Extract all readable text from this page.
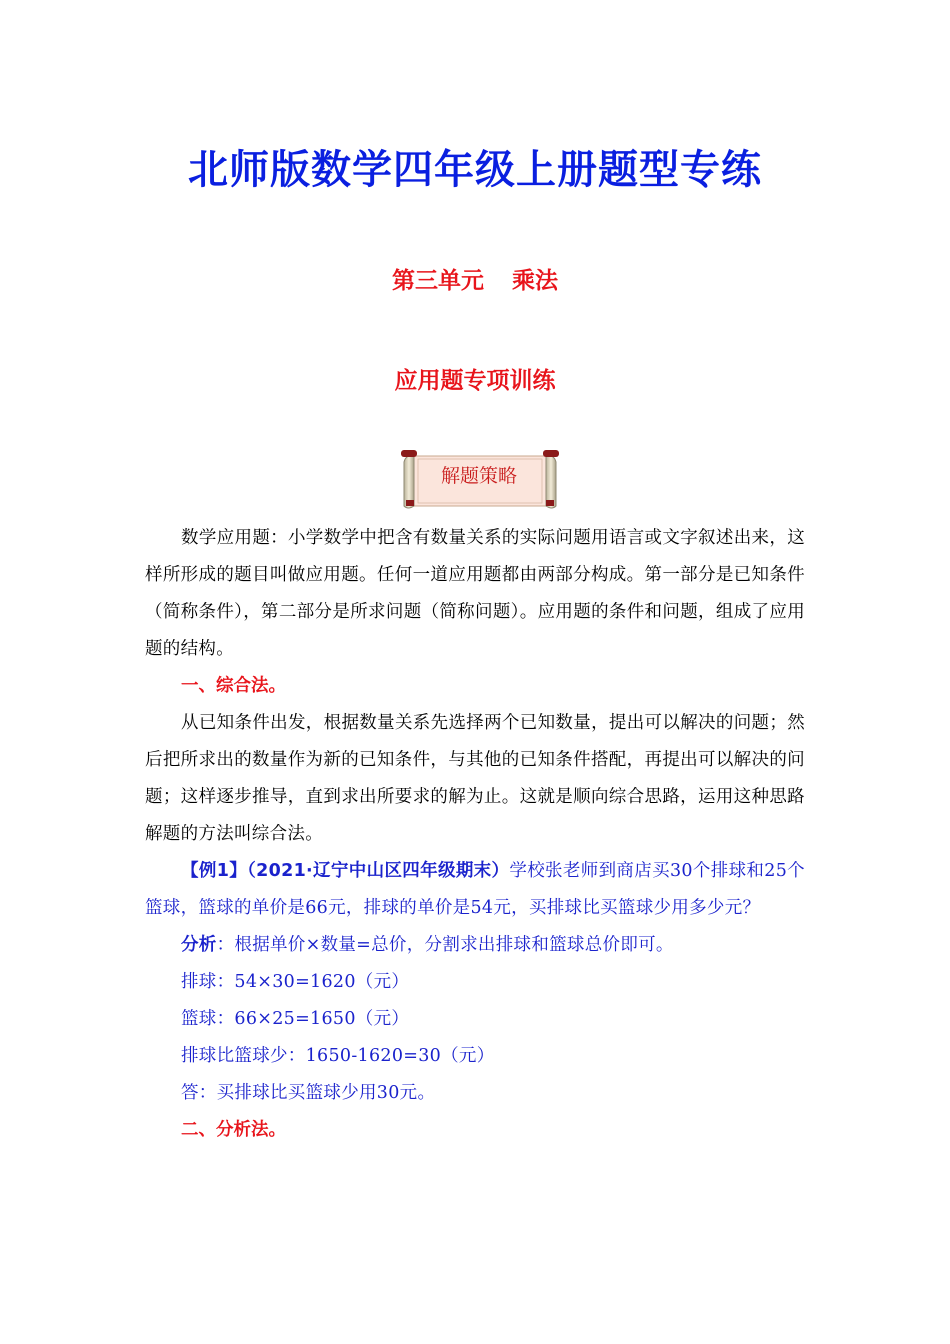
北师版数学四年级上册题型专练
第三单元 乘法
应用题专项训练
解题策略

数学应用题：小学数学中把含有数量关系的实际问题用语言或文字叙述出来，这样所形成的题目叫做应用题。任何一道应用题都由两部分构成。第一部分是已知条件（简称条件），第二部分是所求问题（简称问题）。应用题的条件和问题，组成了应用题的结构。

一、综合法。

从已知条件出发，根据数量关系先选择两个已知数量，提出可以解决的问题；然后把所求出的数量作为新的已知条件，与其他的已知条件搭配，再提出可以解决的问题；这样逐步推导，直到求出所要求的解为止。这就是顺向综合思路，运用这种思路解题的方法叫综合法。

【例1】（2021·辽宁中山区四年级期末）学校张老师到商店买30个排球和25个篮球，篮球的单价是66元，排球的单价是54元，买排球比买篮球少用多少元？

分析：根据单价×数量=总价，分割求出排球和篮球总价即可。

排球：54×30=1620（元）

篮球：66×25=1650（元）

排球比篮球少：1650-1620=30（元）

答：买排球比买篮球少用30元。

二、分析法。
